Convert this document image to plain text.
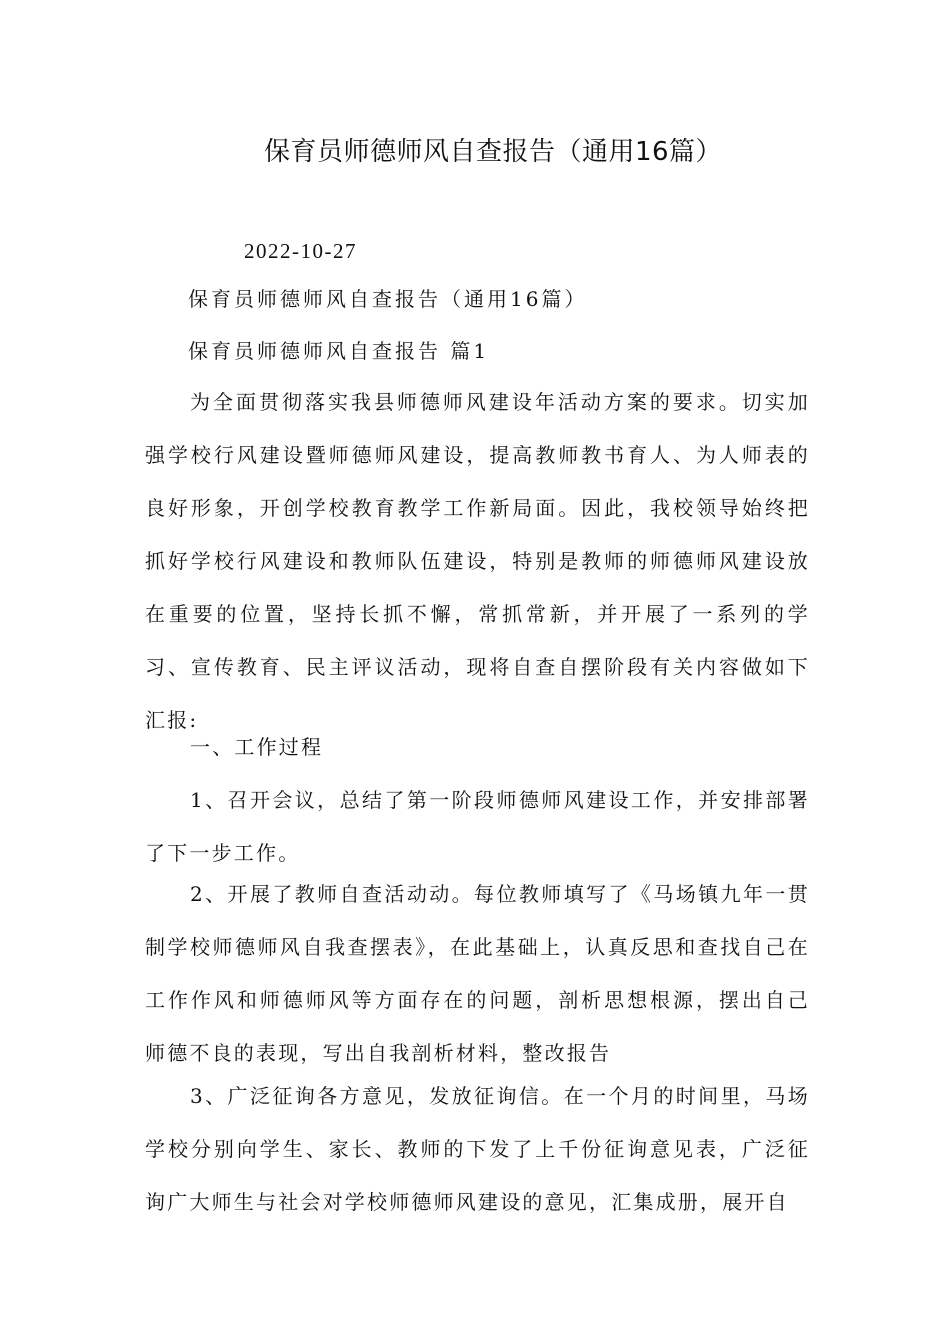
保育员师德师风自查报告（通用16篇）
2022-10-27
保育员师德师风自查报告（通用16篇）
保育员师德师风自查报告 篇1

为全面贯彻落实我县师德师风建设年活动方案的要求。切实加强学校行风建设暨师德师风建设，提高教师教书育人、为人师表的良好形象，开创学校教育教学工作新局面。因此，我校领导始终把抓好学校行风建设和教师队伍建设，特别是教师的师德师风建设放在重要的位置，坚持长抓不懈，常抓常新，并开展了一系列的学习、宣传教育、民主评议活动，现将自查自摆阶段有关内容做如下汇报:

一、工作过程

1、召开会议，总结了第一阶段师德师风建设工作，并安排部署了下一步工作。

2、开展了教师自查活动动。每位教师填写了《马场镇九年一贯制学校师德师风自我查摆表》，在此基础上，认真反思和查找自己在工作作风和师德师风等方面存在的问题，剖析思想根源，摆出自己师德不良的表现，写出自我剖析材料，整改报告

3、广泛征询各方意见，发放征询信。在一个月的时间里，马场学校分别向学生、家长、教师的下发了上千份征询意见表，广泛征询广大师生与社会对学校师德师风建设的意见，汇集成册，展开自
